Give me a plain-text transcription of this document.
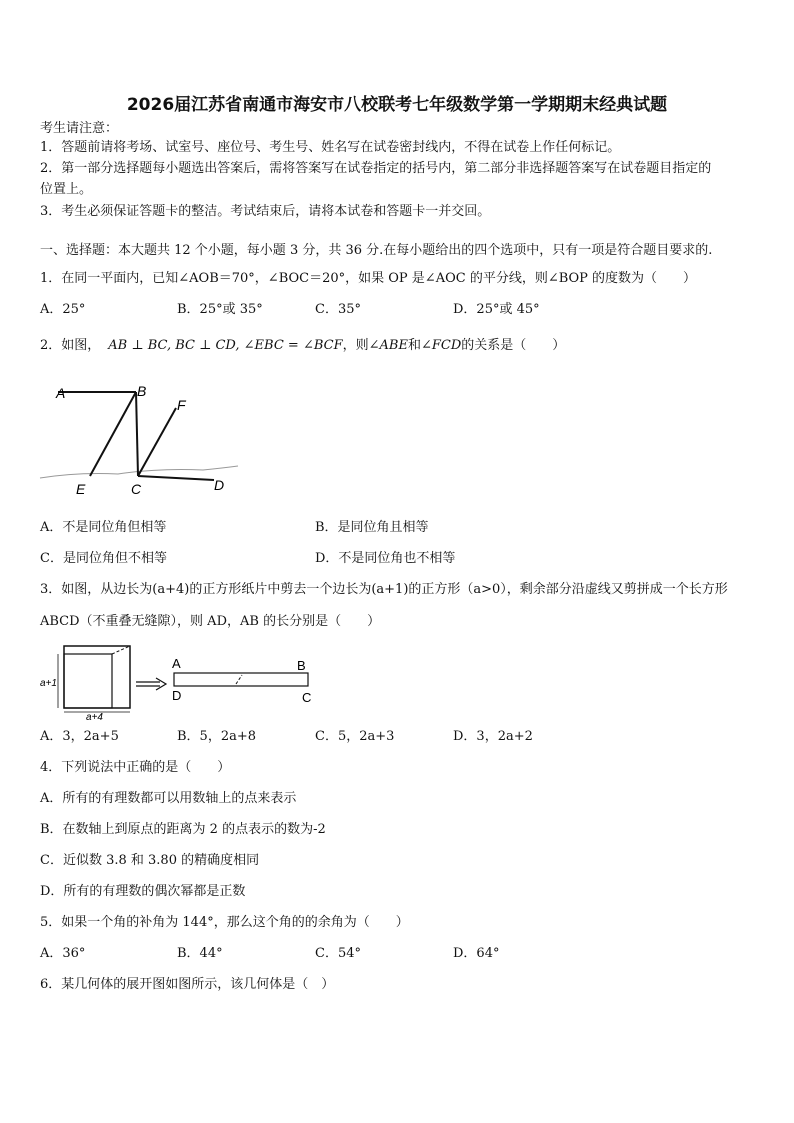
2026届江苏省南通市海安市八校联考七年级数学第一学期期末经典试题
考生请注意：
1．答题前请将考场、试室号、座位号、考生号、姓名写在试卷密封线内，不得在试卷上作任何标记。
2．第一部分选择题每小题选出答案后，需将答案写在试卷指定的括号内，第二部分非选择题答案写在试卷题目指定的
位置上。
3．考生必须保证答题卡的整洁。考试结束后，请将本试卷和答题卡一并交回。
一、选择题：本大题共 12 个小题，每小题 3 分，共 36 分.在每小题给出的四个选项中，只有一项是符合题目要求的.
1．在同一平面内，已知∠AOB＝70°，∠BOC＝20°，如果 OP 是∠AOC 的平分线，则∠BOP 的度数为（　　）
A．25°	B．25°或 35°	C．35°	D．25°或 45°
2．如图， AB ⊥ BC, BC ⊥ CD, ∠EBC = ∠BCF，则∠ABE和∠FCD的关系是（　　）
A	B
F
E	C	D
A．不是同位角但相等	B．是同位角且相等
C．是同位角但不相等	D．不是同位角也不相等
3．如图，从边长为(a+4)的正方形纸片中剪去一个边长为(a+1)的正方形（a>0），剩余部分沿虚线又剪拼成一个长方形
ABCD（不重叠无缝隙），则 AD，AB 的长分别是（　　）
a+1
a+4
A	B
D	C
A．3，2a+5	B．5，2a+8	C．5，2a+3	D．3，2a+2
4．下列说法中正确的是（　　）
A．所有的有理数都可以用数轴上的点来表示
B．在数轴上到原点的距离为 2 的点表示的数为-2
C．近似数 3.8 和 3.80 的精确度相同
D．所有的有理数的偶次幂都是正数
5．如果一个角的补角为 144°，那么这个角的的余角为（　　）
A．36°	B．44°	C．54°	D．64°
6．某几何体的展开图如图所示，该几何体是（　）
